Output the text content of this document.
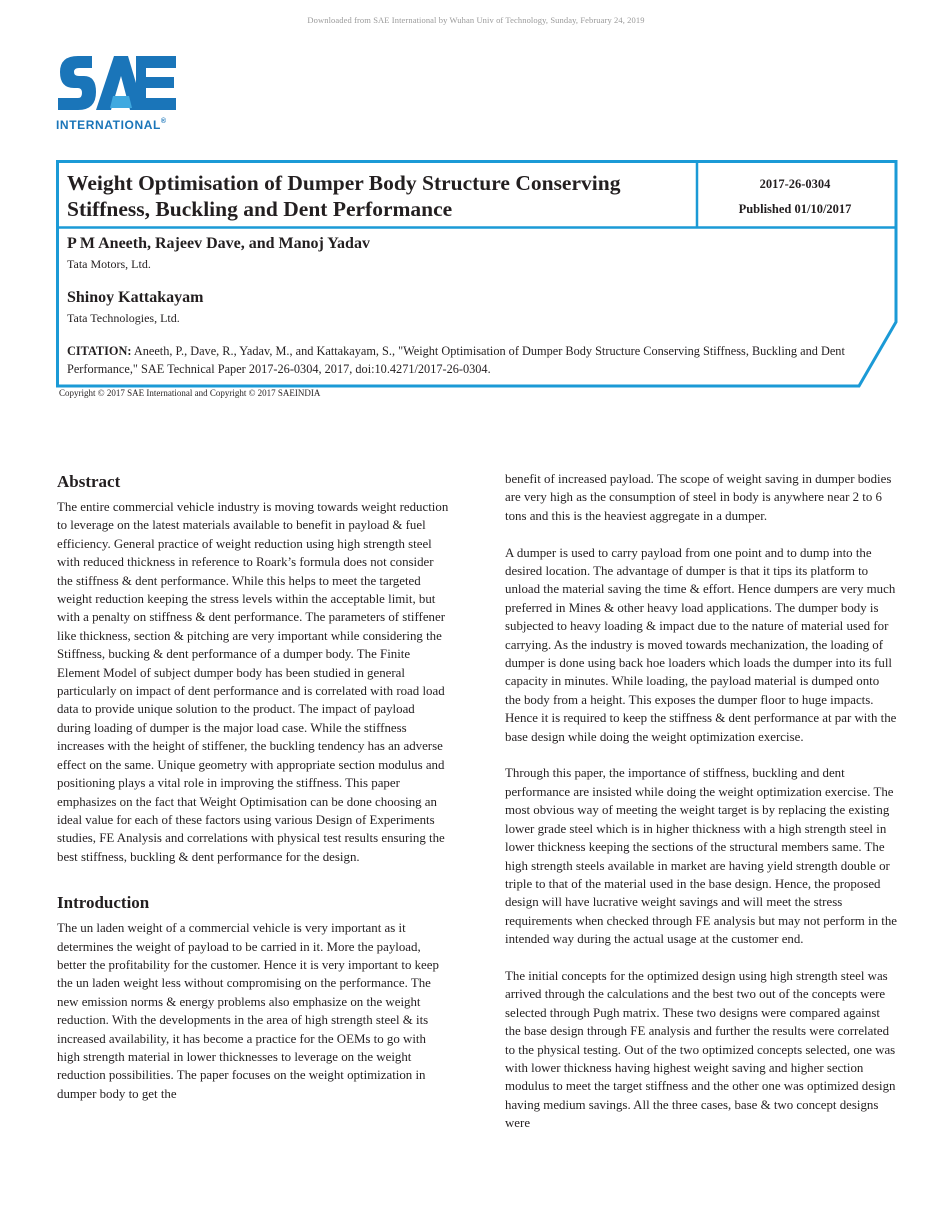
Downloaded from SAE International by Wuhan Univ of Technology, Sunday, February 24, 2019
INTERNATIONAL®
Weight Optimisation of Dumper Body Structure Conserving
Stiffness, Buckling and Dent Performance
2017-26-0304
Published 01/10/2017
P M Aneeth, Rajeev Dave, and Manoj Yadav
Tata Motors, Ltd.
Shinoy Kattakayam
Tata Technologies, Ltd.
CITATION: Aneeth, P., Dave, R., Yadav, M., and Kattakayam, S., "Weight Optimisation of Dumper Body Structure Conserving Stiffness, Buckling and Dent Performance," SAE Technical Paper 2017-26-0304, 2017, doi:10.4271/2017-26-0304.
Copyright © 2017 SAE International and Copyright © 2017 SAEINDIA
Abstract

The entire commercial vehicle industry is moving towards weight reduction to leverage on the latest materials available to benefit in payload & fuel efficiency. General practice of weight reduction using high strength steel with reduced thickness in reference to Roark’s formula does not consider the stiffness & dent performance. While this helps to meet the targeted weight reduction keeping the stress levels within the acceptable limit, but with a penalty on stiffness & dent performance. The parameters of stiffener like thickness, section & pitching are very important while considering the Stiffness, bucking & dent performance of a dumper body. The Finite Element Model of subject dumper body has been studied in general particularly on impact of dent performance and is correlated with road load data to provide unique solution to the product. The impact of payload during loading of dumper is the major load case. While the stiffness increases with the height of stiffener, the buckling tendency has an adverse effect on the same. Unique geometry with appropriate section modulus and positioning plays a vital role in improving the stiffness. This paper emphasizes on the fact that Weight Optimisation can be done choosing an ideal value for each of these factors using various Design of Experiments studies, FE Analysis and correlations with physical test results ensuring the best stiffness, buckling & dent performance for the design.

Introduction

The un laden weight of a commercial vehicle is very important as it determines the weight of payload to be carried in it. More the payload, better the profitability for the customer. Hence it is very important to keep the un laden weight less without compromising on the performance. The new emission norms & energy problems also emphasize on the weight reduction. With the developments in the area of high strength steel & its increased availability, it has become a practice for the OEMs to go with high strength material in lower thicknesses to leverage on the weight reduction possibilities. The paper focuses on the weight optimization in dumper body to get the

benefit of increased payload. The scope of weight saving in dumper bodies are very high as the consumption of steel in body is anywhere near 2 to 6 tons and this is the heaviest aggregate in a dumper.

A dumper is used to carry payload from one point and to dump into the desired location. The advantage of dumper is that it tips its platform to unload the material saving the time & effort. Hence dumpers are very much preferred in Mines & other heavy load applications. The dumper body is subjected to heavy loading & impact due to the nature of material used for carrying. As the industry is moved towards mechanization, the loading of dumper is done using back hoe loaders which loads the dumper into its full capacity in minutes. While loading, the payload material is dumped onto the body from a height. This exposes the dumper floor to huge impacts. Hence it is required to keep the stiffness & dent performance at par with the base design while doing the weight optimization exercise.

Through this paper, the importance of stiffness, buckling and dent performance are insisted while doing the weight optimization exercise. The most obvious way of meeting the weight target is by replacing the existing lower grade steel which is in higher thickness with a high strength steel in lower thickness keeping the sections of the structural members same. The high strength steels available in market are having yield strength double or triple to that of the material used in the base design. Hence, the proposed design will have lucrative weight savings and will meet the stress requirements when checked through FE analysis but may not perform in the intended way during the actual usage at the customer end.

The initial concepts for the optimized design using high strength steel was arrived through the calculations and the best two out of the concepts were selected through Pugh matrix. These two designs were compared against the base design through FE analysis and further the results were correlated to the physical testing. Out of the two optimized concepts selected, one was with lower thickness having highest weight saving and higher section modulus to meet the target stiffness and the other one was optimized design having medium savings. All the three cases, base & two concept designs were
